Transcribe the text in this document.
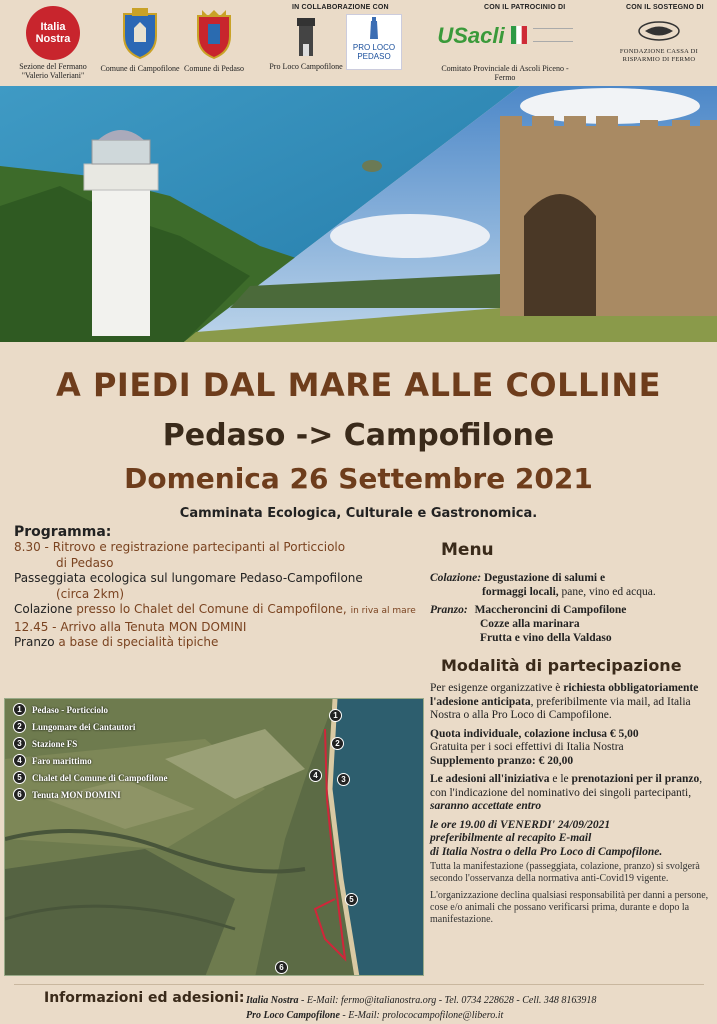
IN COLLABORAZIONE CON	CON IL PATROCINIO DI	CON IL SOSTEGNO DI
Italia Nostra
Sezione del Fermano "Valerio Valleriani"
Comune di Campofilone Comune di Pedaso	Pro Loco Campofilone
PRO LOCO
PEDASO
USacli
Comitato Provinciale di Ascoli Piceno - Fermo
FONDAZIONE CASSA DI RISPARMIO DI FERMO
A PIEDI DAL MARE ALLE COLLINE
Pedaso -> Campofilone
Domenica 26 Settembre 2021
Camminata Ecologica, Culturale e Gastronomica.
Programma:
8.30 - Ritrovo e registrazione partecipanti al Porticciolo
di Pedaso
Passeggiata ecologica sul lungomare Pedaso-Campofilone
(circa 2km)
Colazione presso lo Chalet del Comune di Campofilone, in riva al mare
12.45 - Arrivo alla Tenuta MON DOMINI
Pranzo a base di specialità tipiche
Menu
Colazione: Degustazione di salumi e
formaggi locali, pane, vino ed acqua.
Pranzo: Maccheroncini di Campofilone
Cozze alla marinara
Frutta e vino della Valdaso
Modalità di partecipazione

Per esigenze organizzative è richiesta obbligatoriamente l'adesione anticipata, preferibilmente via mail, ad Italia Nostra o alla Pro Loco di Campofilone.

Quota individuale, colazione inclusa € 5,00
Gratuita per i soci effettivi di Italia Nostra
Supplemento pranzo: € 20,00

Le adesioni all'iniziativa e le prenotazioni per il pranzo, con l'indicazione del nominativo dei singoli partecipanti, saranno accettate entro

le ore 19.00 di VENERDI' 24/09/2021
preferibilmente al recapito E-mail
di Italia Nostra o della Pro Loco di Campofilone.

Tutta la manifestazione (passeggiata, colazione, pranzo) si svolgerà secondo l'osservanza della normativa anti-Covid19 vigente.

L'organizzazione declina qualsiasi responsabilità per danni a persone, cose e/o animali che possano verificarsi prima, durante e dopo la manifestazione.

1	Pedaso - Porticciolo
2	Lungomare dei Cantautori
3	Stazione FS
4	Faro marittimo
5	Chalet del Comune di Campofilone
6	Tenuta MON DOMINI
1
2
3
4
5
6
Informazioni ed adesioni: Italia Nostra - E-Mail: fermo@italianostra.org - Tel. 0734 228628 - Cell. 348 8163918
Pro Loco Campofilone - E-Mail: prolococampofilone@libero.it
